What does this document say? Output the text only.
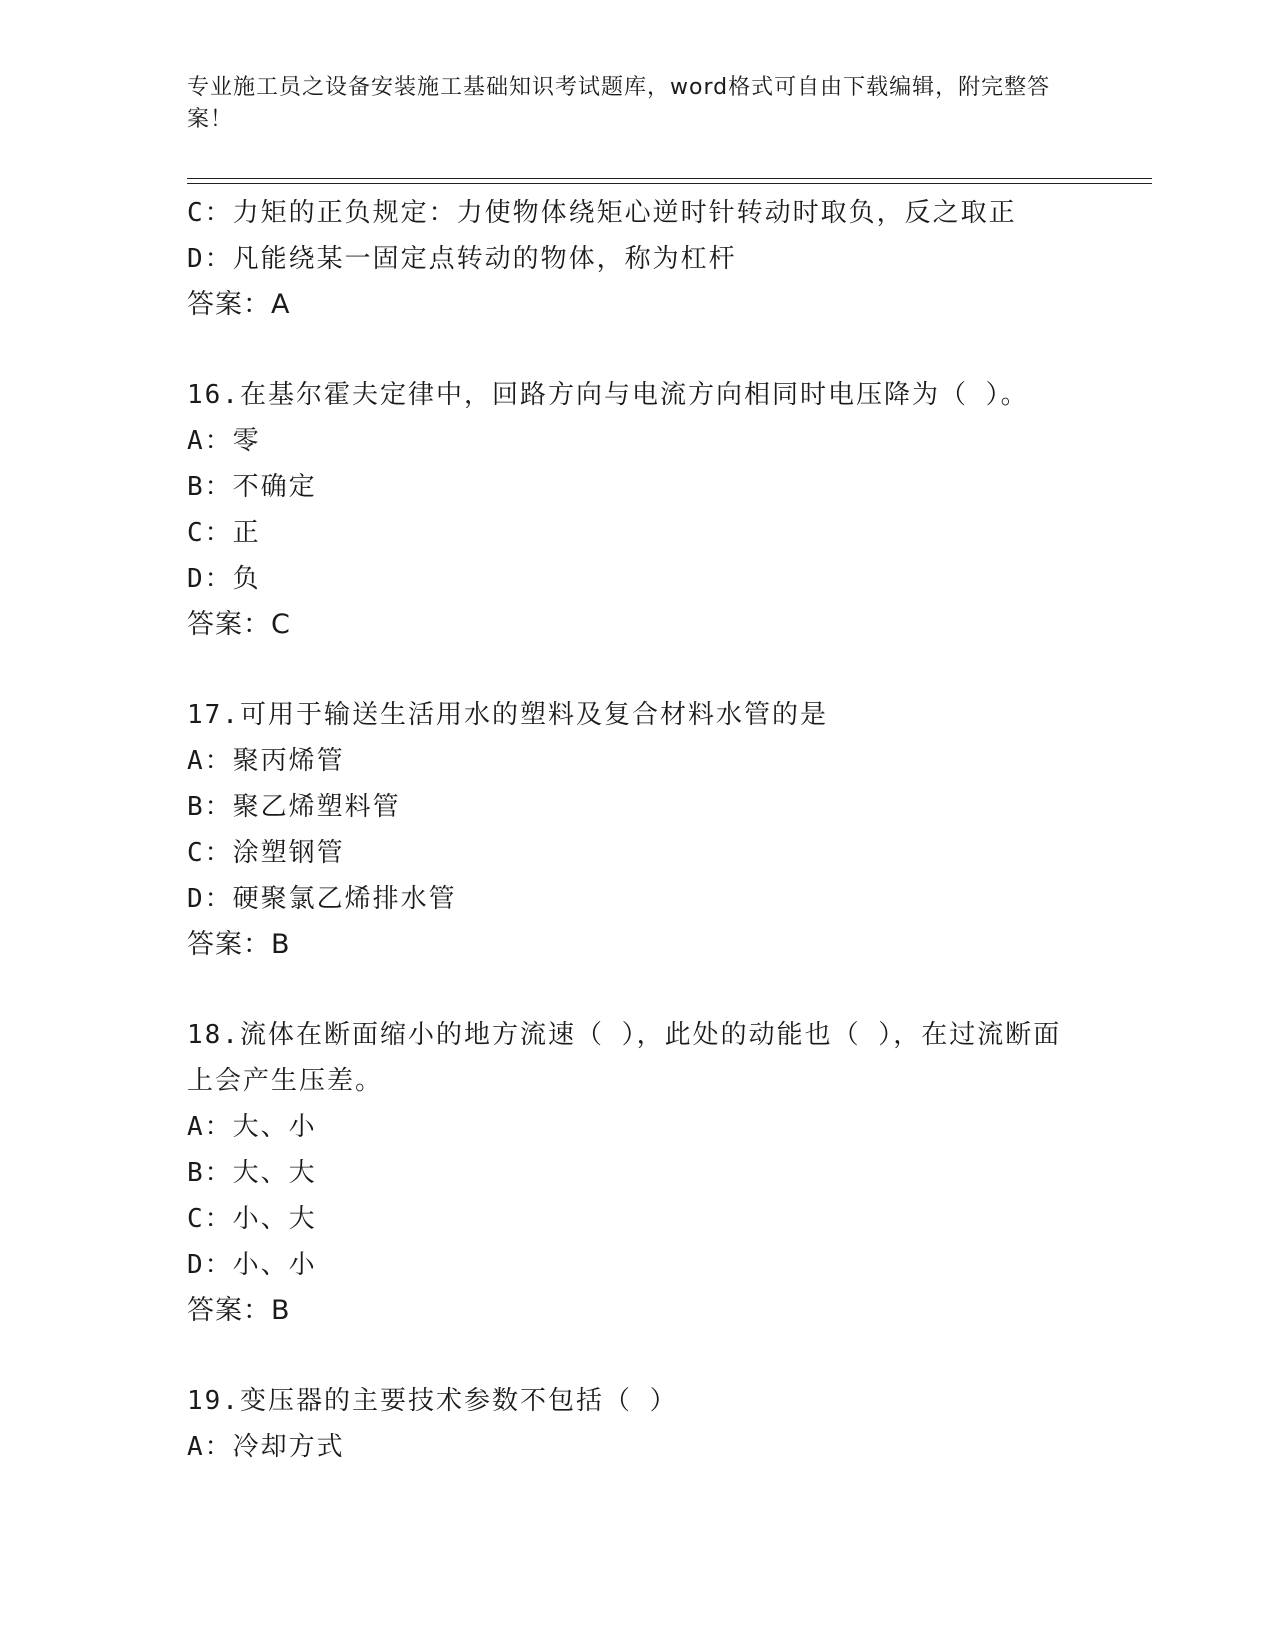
专业施工员之设备安装施工基础知识考试题库，word格式可自由下载编辑，附完整答案！

C：力矩的正负规定：力使物体绕矩心逆时针转动时取负，反之取正

D：凡能绕某一固定点转动的物体，称为杠杆

答案：A

16.在基尔霍夫定律中，回路方向与电流方向相同时电压降为（ ）。

A：零

B：不确定

C：正

D：负

答案：C

17.可用于输送生活用水的塑料及复合材料水管的是

A：聚丙烯管

B：聚乙烯塑料管

C：涂塑钢管

D：硬聚氯乙烯排水管

答案：B

18.流体在断面缩小的地方流速（ ），此处的动能也（ ），在过流断面上会产生压差。

A：大、小

B：大、大

C：小、大

D：小、小

答案：B

19.变压器的主要技术参数不包括（ ）

A：冷却方式
